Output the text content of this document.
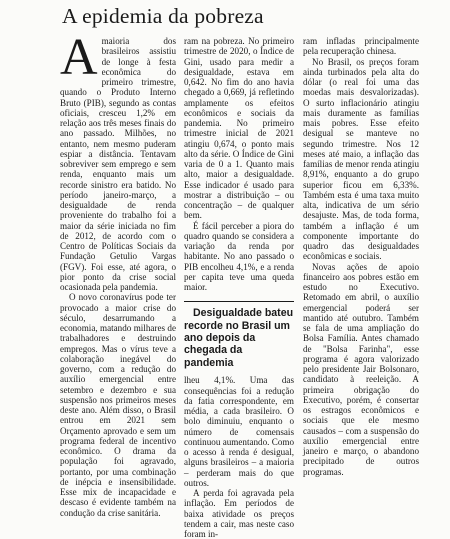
A epidemia da pobreza
A maioria dos brasileiros assistiu de longe à festa econômica do primeiro trimestre, quando o Produto Interno Bruto (PIB), segundo as contas oficiais, cresceu 1,2% em relação aos três meses finais do ano passado. Milhões, no entanto, nem mesmo puderam espiar a distância. Tentavam sobreviver sem emprego e sem renda, enquanto mais um recorde sinistro era batido. No período janeiro-março, a desigualdade de renda proveniente do trabalho foi a maior da série iniciada no fim de 2012, de acordo com o Centro de Políticas Sociais da Fundação Getulio Vargas (FGV). Foi esse, até agora, o pior ponto da crise social ocasionada pela pandemia.

O novo coronavírus pode ter provocado a maior crise do século, desarrumando a economia, matando milhares de trabalhadores e destruindo empregos. Mas o vírus teve a colaboração inegável do governo, com a redução do auxílio emergencial entre setembro e dezembro e sua suspensão nos primeiros meses deste ano. Além disso, o Brasil entrou em 2021 sem Orçamento aprovado e sem um programa federal de incentivo econômico. O drama da população foi agravado, portanto, por uma combinação de inépcia e insensibilidade. Esse mix de incapacidade e descaso é evidente também na condução da crise sanitária.

ram na pobreza. No primeiro trimestre de 2020, o Índice de Gini, usado para medir a desigualdade, estava em 0,642. No fim do ano havia chegado a 0,669, já refletindo amplamente os efeitos econômicos e sociais da pandemia. No primeiro trimestre inicial de 2021 atingiu 0,674, o ponto mais alto da série. O Índice de Gini varia de 0 a 1. Quanto mais alto, maior a desigualdade. Esse indicador é usado para mostrar a distribuição – ou concentração – de qualquer bem.

É fácil perceber a piora do quadro quando se considera a variação da renda por habitante. No ano passado o PIB encolheu 4,1%, e a renda per capita teve uma queda maior.

Desigualdade bateu recorde no Brasil um ano depois da chegada da pandemia

lheu 4,1%. Uma das consequências foi a redução da fatia correspondente, em média, a cada brasileiro. O bolo diminuiu, enquanto o número de comensais continuou aumentando. Como o acesso à renda é desigual, alguns brasileiros – a maioria – perderam mais do que outros.

A perda foi agravada pela inflação. Em períodos de baixa atividade os preços tendem a cair, mas neste caso foram in-

ram infladas principalmente pela recuperação chinesa.

No Brasil, os preços foram ainda turbinados pela alta do dólar (o real foi uma das moedas mais desvalorizadas). O surto inflacionário atingiu mais duramente as famílias mais pobres. Esse efeito desigual se manteve no segundo trimestre. Nos 12 meses até maio, a inflação das famílias de menor renda atingiu 8,91%, enquanto a do grupo superior ficou em 6,33%. Também esta é uma taxa muito alta, indicativa de um sério desajuste. Mas, de toda forma, também a inflação é um componente importante do quadro das desigualdades econômicas e sociais.

Novas ações de apoio financeiro aos pobres estão em estudo no Executivo. Retomado em abril, o auxílio emergencial poderá ser mantido até outubro. Também se fala de uma ampliação do Bolsa Família. Antes chamado de "Bolsa Farinha", esse programa é agora valorizado pelo presidente Jair Bolsonaro, candidato à reeleição. A primeira obrigação do Executivo, porém, é consertar os estragos econômicos e sociais que ele mesmo causados – com a suspensão do auxílio emergencial entre janeiro e março, o abandono precipitado de outros programas.
